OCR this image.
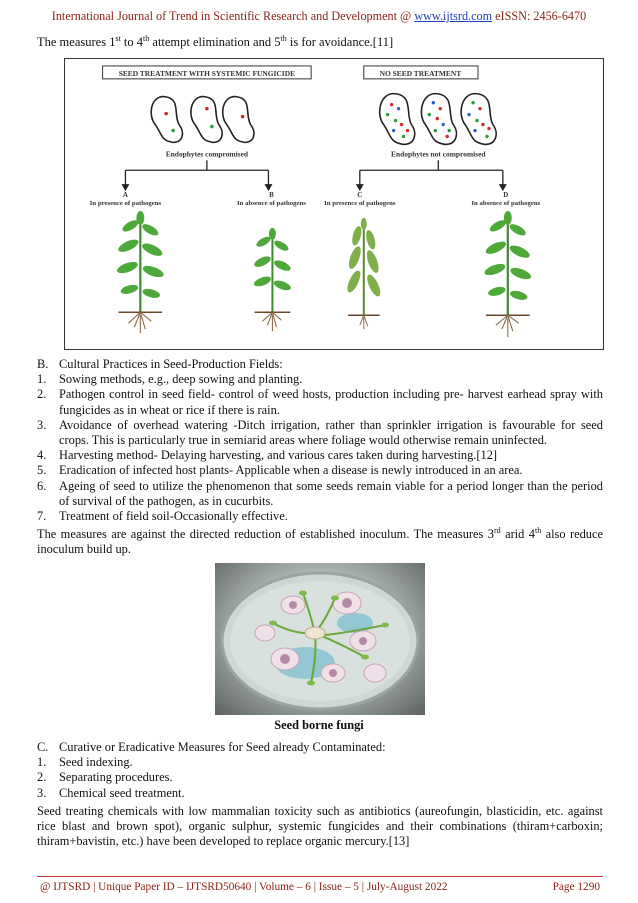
International Journal of Trend in Scientific Research and Development @ www.ijtsrd.com eISSN: 2456-6470
The measures 1st to 4th attempt elimination and 5th is for avoidance.[11]
SEED TREATMENT WITH SYSTEMIC FUNGICIDE	NO SEED TREATMENT
Endophytes compromised	Endophytes not compromised
A
In presence of pathogens
B
In absence of pathogens
C
In presence of pathogens
D
In absence of pathogens
B. Cultural Practices in Seed-Production Fields:
1. Sowing methods, e.g., deep sowing and planting.
2. Pathogen control in seed field- control of weed hosts, production including pre- harvest earhead spray with fungicides as in wheat or rice if there is rain.
3. Avoidance of overhead watering -Ditch irrigation, rather than sprinkler irrigation is favourable for seed crops. This is particularly true in semiarid areas where foliage would otherwise remain uninfected.
4. Harvesting method- Delaying harvesting, and various cares taken during harvesting.[12]
5. Eradication of infected host plants- Applicable when a disease is newly introduced in an area.
6. Ageing of seed to utilize the phenomenon that some seeds remain viable for a period longer than the period of survival of the pathogen, as in cucurbits.
7. Treatment of field soil-Occasionally effective.
The measures are against the directed reduction of established inoculum. The measures 3rd arid 4th also reduce inoculum build up.
Seed borne fungi
C. Curative or Eradicative Measures for Seed already Contaminated:
1. Seed indexing.
2. Separating procedures.
3. Chemical seed treatment.
Seed treating chemicals with low mammalian toxicity such as antibiotics (aureofungin, blasticidin, etc. against rice blast and brown spot), organic sulphur, systemic fungicides and their combinations (thiram+carboxin; thiram+bavistin, etc.) have been developed to replace organic mercury.[13]
@ IJTSRD | Unique Paper ID – IJTSRD50640 | Volume – 6 | Issue – 5 | July-August 2022	Page 1290
